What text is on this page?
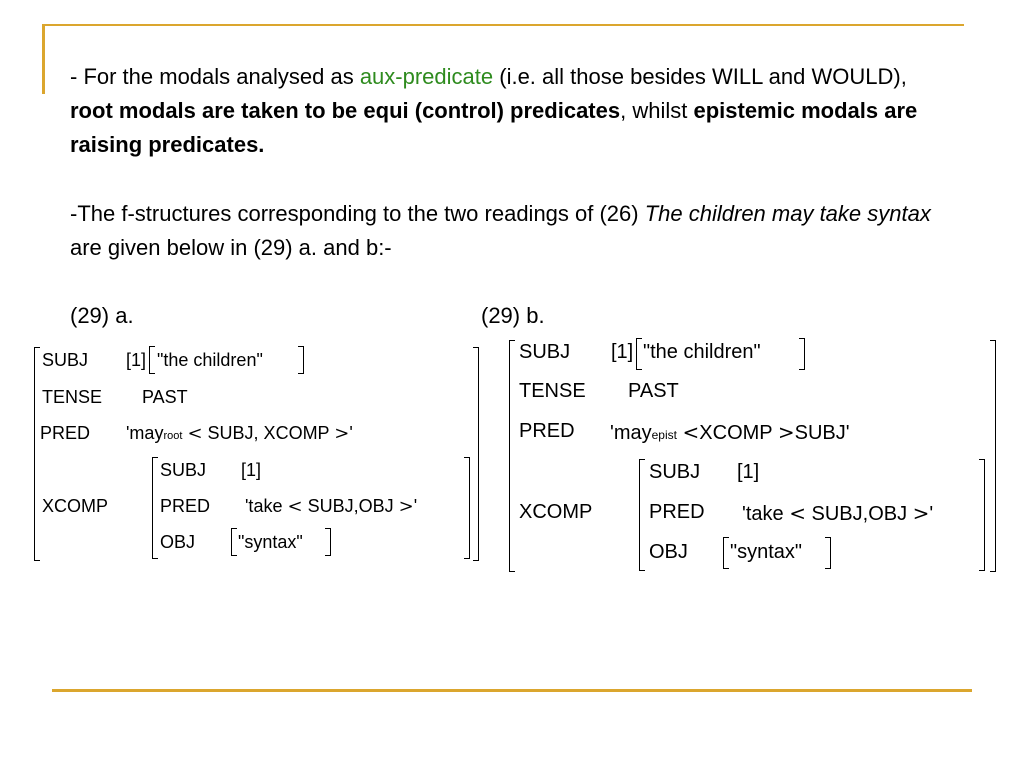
- For the modals analysed as aux-predicate (i.e. all those besides WILL and WOULD), root modals are taken to be equi (control) predicates, whilst epistemic modals are raising predicates.

-The f-structures corresponding to the two readings of (26) The children may take syntax are given below in (29) a. and b:-

(29) a.	(29) b.
SUBJ [1] "the children"
TENSE PAST
PRED 'mayroot < SUBJ, XCOMP >'
XCOMP
SUBJ [1]
PRED 'take < SUBJ,OBJ >'
OBJ "syntax"
SUBJ [1] "the children"
TENSE PAST
PRED 'mayepist <XCOMP >SUBJ'
XCOMP
SUBJ [1]
PRED 'take < SUBJ,OBJ >'
OBJ "syntax"
